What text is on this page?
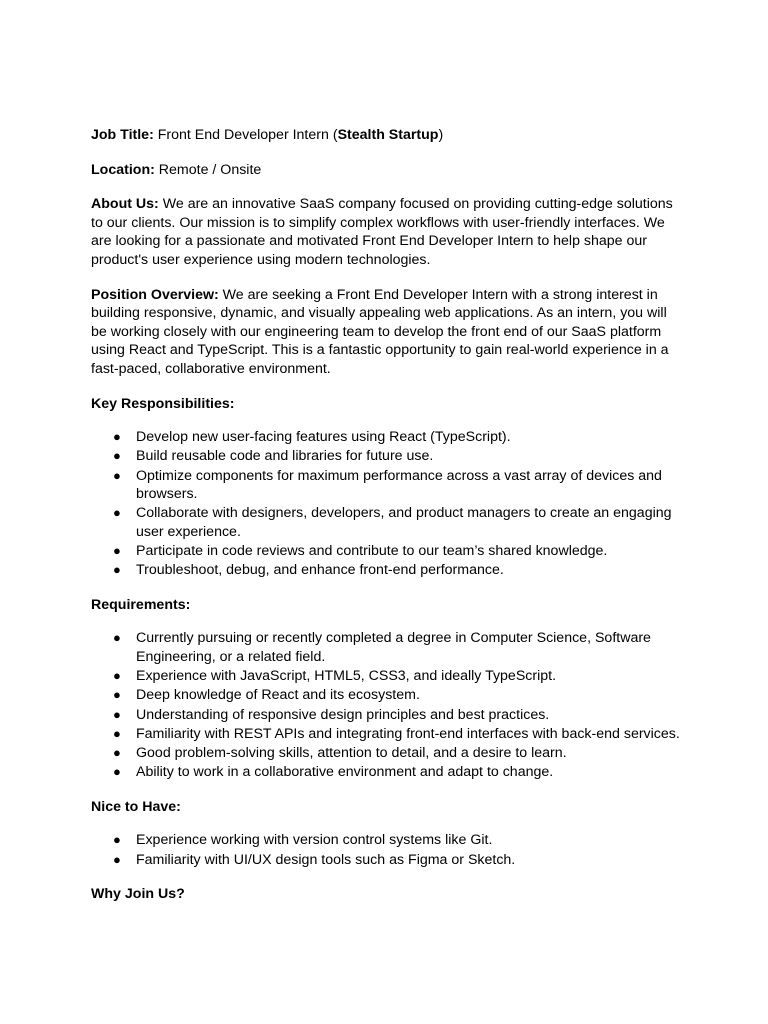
Job Title: Front End Developer Intern (Stealth Startup)

Location: Remote / Onsite

About Us: We are an innovative SaaS company focused on providing cutting-edge solutions to our clients. Our mission is to simplify complex workflows with user-friendly interfaces. We are looking for a passionate and motivated Front End Developer Intern to help shape our product's user experience using modern technologies.

Position Overview: We are seeking a Front End Developer Intern with a strong interest in building responsive, dynamic, and visually appealing web applications. As an intern, you will be working closely with our engineering team to develop the front end of our SaaS platform using React and TypeScript. This is a fantastic opportunity to gain real-world experience in a fast-paced, collaborative environment.

Key Responsibilities:
● Develop new user-facing features using React (TypeScript).
● Build reusable code and libraries for future use.
● Optimize components for maximum performance across a vast array of devices and browsers.
● Collaborate with designers, developers, and product managers to create an engaging user experience.
● Participate in code reviews and contribute to our team’s shared knowledge.
● Troubleshoot, debug, and enhance front-end performance.
Requirements:
● Currently pursuing or recently completed a degree in Computer Science, Software Engineering, or a related field.
● Experience with JavaScript, HTML5, CSS3, and ideally TypeScript.
● Deep knowledge of React and its ecosystem.
● Understanding of responsive design principles and best practices.
● Familiarity with REST APIs and integrating front-end interfaces with back-end services.
● Good problem-solving skills, attention to detail, and a desire to learn.
● Ability to work in a collaborative environment and adapt to change.
Nice to Have:
● Experience working with version control systems like Git.
● Familiarity with UI/UX design tools such as Figma or Sketch.
Why Join Us?
